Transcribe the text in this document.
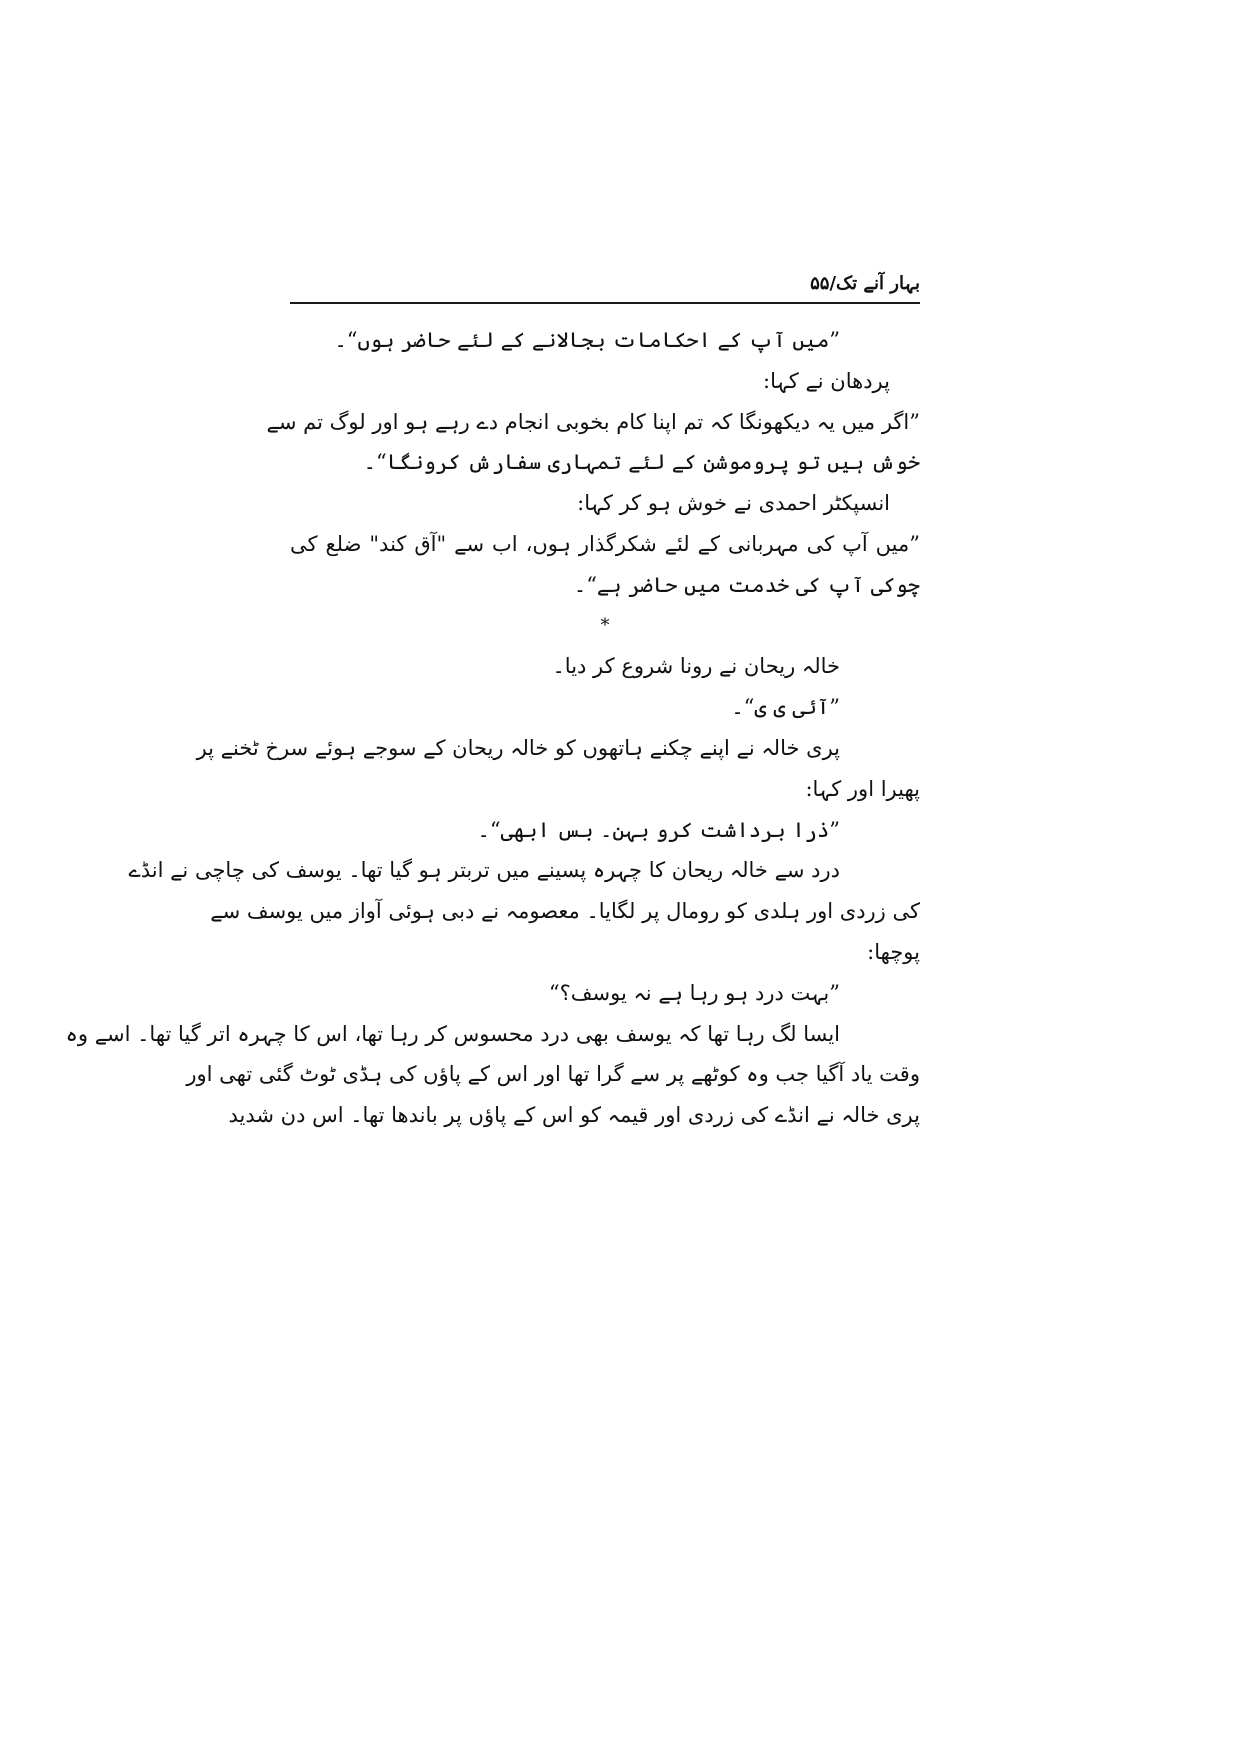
بہار آنے تک/۵۵
”میں آپ کے احکامات بجالانے کے لئے حاضر ہوں“۔
پردھان نے کہا:
”اگر میں یہ دیکھونگا کہ تم اپنا کام بخوبی انجام دے رہے ہو اور لوگ تم سے
خوش ہیں تو پروموشن کے لئے تمہاری سفارش کرونگا“۔
انسپکٹر احمدی نے خوش ہو کر کہا:
”میں آپ کی مہربانی کے لئے شکرگذار ہوں، اب سے "آق کند" ضلع کی
چوکی آپ کی خدمت میں حاضر ہے“۔
*
خالہ ریحان نے رونا شروع کر دیا۔
”آئی ی ی“۔
پری خالہ نے اپنے چکنے ہاتھوں کو خالہ ریحان کے سوجے ہوئے سرخ ٹخنے پر
پھیرا اور کہا:
”ذرا برداشت کرو بہن۔ بس ابھی“۔
درد سے خالہ ریحان کا چہرہ پسینے میں تربتر ہو گیا تھا۔ یوسف کی چاچی نے انڈے
کی زردی اور ہلدی کو رومال پر لگایا۔ معصومہ نے دبی ہوئی آواز میں یوسف سے
پوچھا:
”بہت درد ہو رہا ہے نہ یوسف؟“
ایسا لگ رہا تھا کہ یوسف بھی درد محسوس کر رہا تھا، اس کا چہرہ اتر گیا تھا۔ اسے وہ
وقت یاد آگیا جب وہ کوٹھے پر سے گرا تھا اور اس کے پاؤں کی ہڈی ٹوٹ گئی تھی اور
پری خالہ نے انڈے کی زردی اور قیمہ کو اس کے پاؤں پر باندھا تھا۔ اس دن شدید
